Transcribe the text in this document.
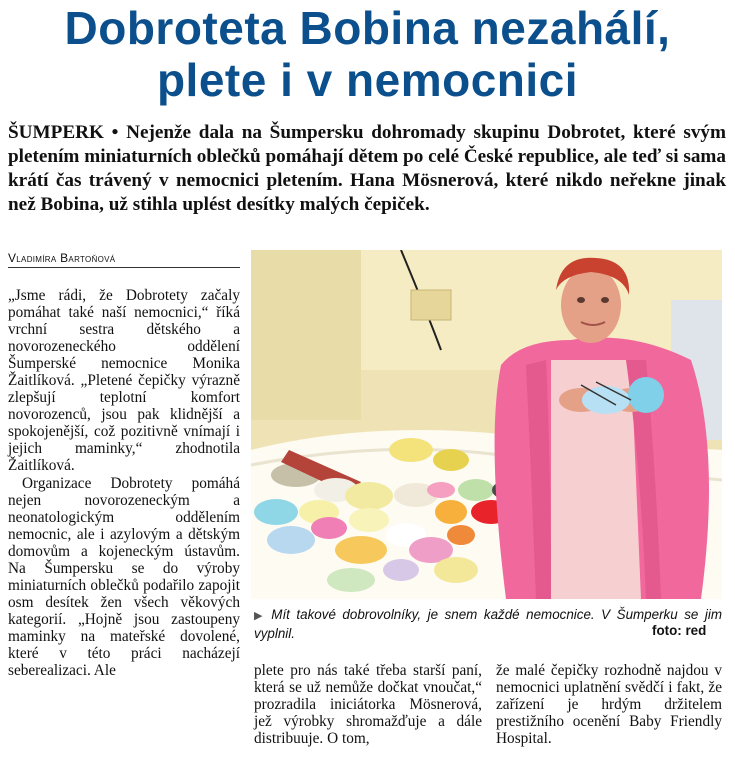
Dobroteta Bobina nezahálí,
plete i v nemocnici
ŠUMPERK • Nejenže dala na Šumpersku dohromady skupinu Dobrotet, které svým pletením miniaturních oblečků pomáhají dětem po celé České republice, ale teď si sama krátí čas trávený v nemocnici pletením. Hana Mösnerová, které nikdo neřekne jinak než Bobina, už stihla uplést desítky malých čepiček.
Vladimíra Bartoňová

„Jsme rádi, že Dobrotety začaly pomáhat také naší nemocnici,“ říká vrchní sestra dětského a novorozeneckého oddělení Šumperské nemocnice Monika Žaitlíková. „Pletené čepičky výrazně zlepšují teplotní komfort novorozenců, jsou pak klidnější a spokojenější, což pozitivně vnímají i jejich maminky,“ zhodnotila Žaitlíková.

Organizace Dobrotety pomáhá nejen novorozeneckým a neonatologickým oddělením nemocnic, ale i azylovým a dětským domovům a kojeneckým ústavům. Na Šumpersku se do výroby miniaturních oblečků podařilo zapojit osm desítek žen všech věkových kategorií. „Hojně jsou zastoupeny maminky na mateřské dovolené, které v této práci nacházejí seberealizaci. Ale

▶ Mít takové dobrovolníky, je snem každé nemocnice. V Šumperku se jim vyplnil.	foto: red

plete pro nás také třeba starší paní, která se už nemůže dočkat vnoučat,“ prozradila iniciátorka Mösnerová, jež výrobky shromažďuje a dále distribuuje. O tom,

že malé čepičky rozhodně najdou v nemocnici uplatnění svědčí i fakt, že zařízení je hrdým držitelem prestižního ocenění Baby Friendly Hospital.
